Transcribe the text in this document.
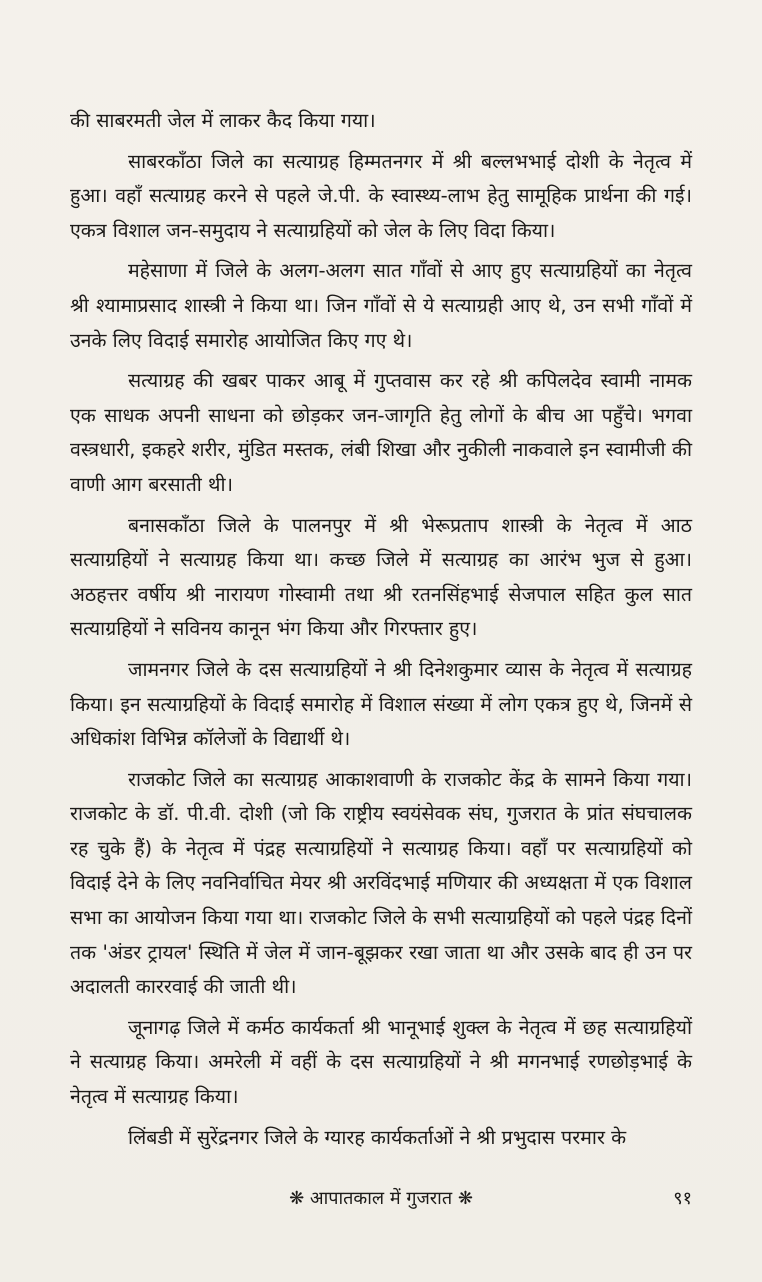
की साबरमती जेल में लाकर कैद किया गया।

साबरकाँठा जिले का सत्याग्रह हिम्मतनगर में श्री बल्लभभाई दोशी के नेतृत्व में हुआ। वहाँ सत्याग्रह करने से पहले जे.पी. के स्वास्थ्य-लाभ हेतु सामूहिक प्रार्थना की गई। एकत्र विशाल जन-समुदाय ने सत्याग्रहियों को जेल के लिए विदा किया।

महेसाणा में जिले के अलग-अलग सात गाँवों से आए हुए सत्याग्रहियों का नेतृत्व श्री श्यामाप्रसाद शास्त्री ने किया था। जिन गाँवों से ये सत्याग्रही आए थे, उन सभी गाँवों में उनके लिए विदाई समारोह आयोजित किए गए थे।

सत्याग्रह की खबर पाकर आबू में गुप्तवास कर रहे श्री कपिलदेव स्वामी नामक एक साधक अपनी साधना को छोड़कर जन-जागृति हेतु लोगों के बीच आ पहुँचे। भगवा वस्त्रधारी, इकहरे शरीर, मुंडित मस्तक, लंबी शिखा और नुकीली नाकवाले इन स्वामीजी की वाणी आग बरसाती थी।

बनासकाँठा जिले के पालनपुर में श्री भेरूप्रताप शास्त्री के नेतृत्व में आठ सत्याग्रहियों ने सत्याग्रह किया था। कच्छ जिले में सत्याग्रह का आरंभ भुज से हुआ। अठहत्तर वर्षीय श्री नारायण गोस्वामी तथा श्री रतनसिंहभाई सेजपाल सहित कुल सात सत्याग्रहियों ने सविनय कानून भंग किया और गिरफ्तार हुए।

जामनगर जिले के दस सत्याग्रहियों ने श्री दिनेशकुमार व्यास के नेतृत्व में सत्याग्रह किया। इन सत्याग्रहियों के विदाई समारोह में विशाल संख्या में लोग एकत्र हुए थे, जिनमें से अधिकांश विभिन्न कॉलेजों के विद्यार्थी थे।

राजकोट जिले का सत्याग्रह आकाशवाणी के राजकोट केंद्र के सामने किया गया। राजकोट के डॉ. पी.वी. दोशी (जो कि राष्ट्रीय स्वयंसेवक संघ, गुजरात के प्रांत संघचालक रह चुके हैं) के नेतृत्व में पंद्रह सत्याग्रहियों ने सत्याग्रह किया। वहाँ पर सत्याग्रहियों को विदाई देने के लिए नवनिर्वाचित मेयर श्री अरविंदभाई मणियार की अध्यक्षता में एक विशाल सभा का आयोजन किया गया था। राजकोट जिले के सभी सत्याग्रहियों को पहले पंद्रह दिनों तक 'अंडर ट्रायल' स्थिति में जेल में जान-बूझकर रखा जाता था और उसके बाद ही उन पर अदालती काररवाई की जाती थी।

जूनागढ़ जिले में कर्मठ कार्यकर्ता श्री भानूभाई शुक्ल के नेतृत्व में छह सत्याग्रहियों ने सत्याग्रह किया। अमरेली में वहीं के दस सत्याग्रहियों ने श्री मगनभाई रणछोड़भाई के नेतृत्व में सत्याग्रह किया।

लिंबडी में सुरेंद्रनगर जिले के ग्यारह कार्यकर्ताओं ने श्री प्रभुदास परमार के

❋ आपातकाल में गुजरात ❋	९१
